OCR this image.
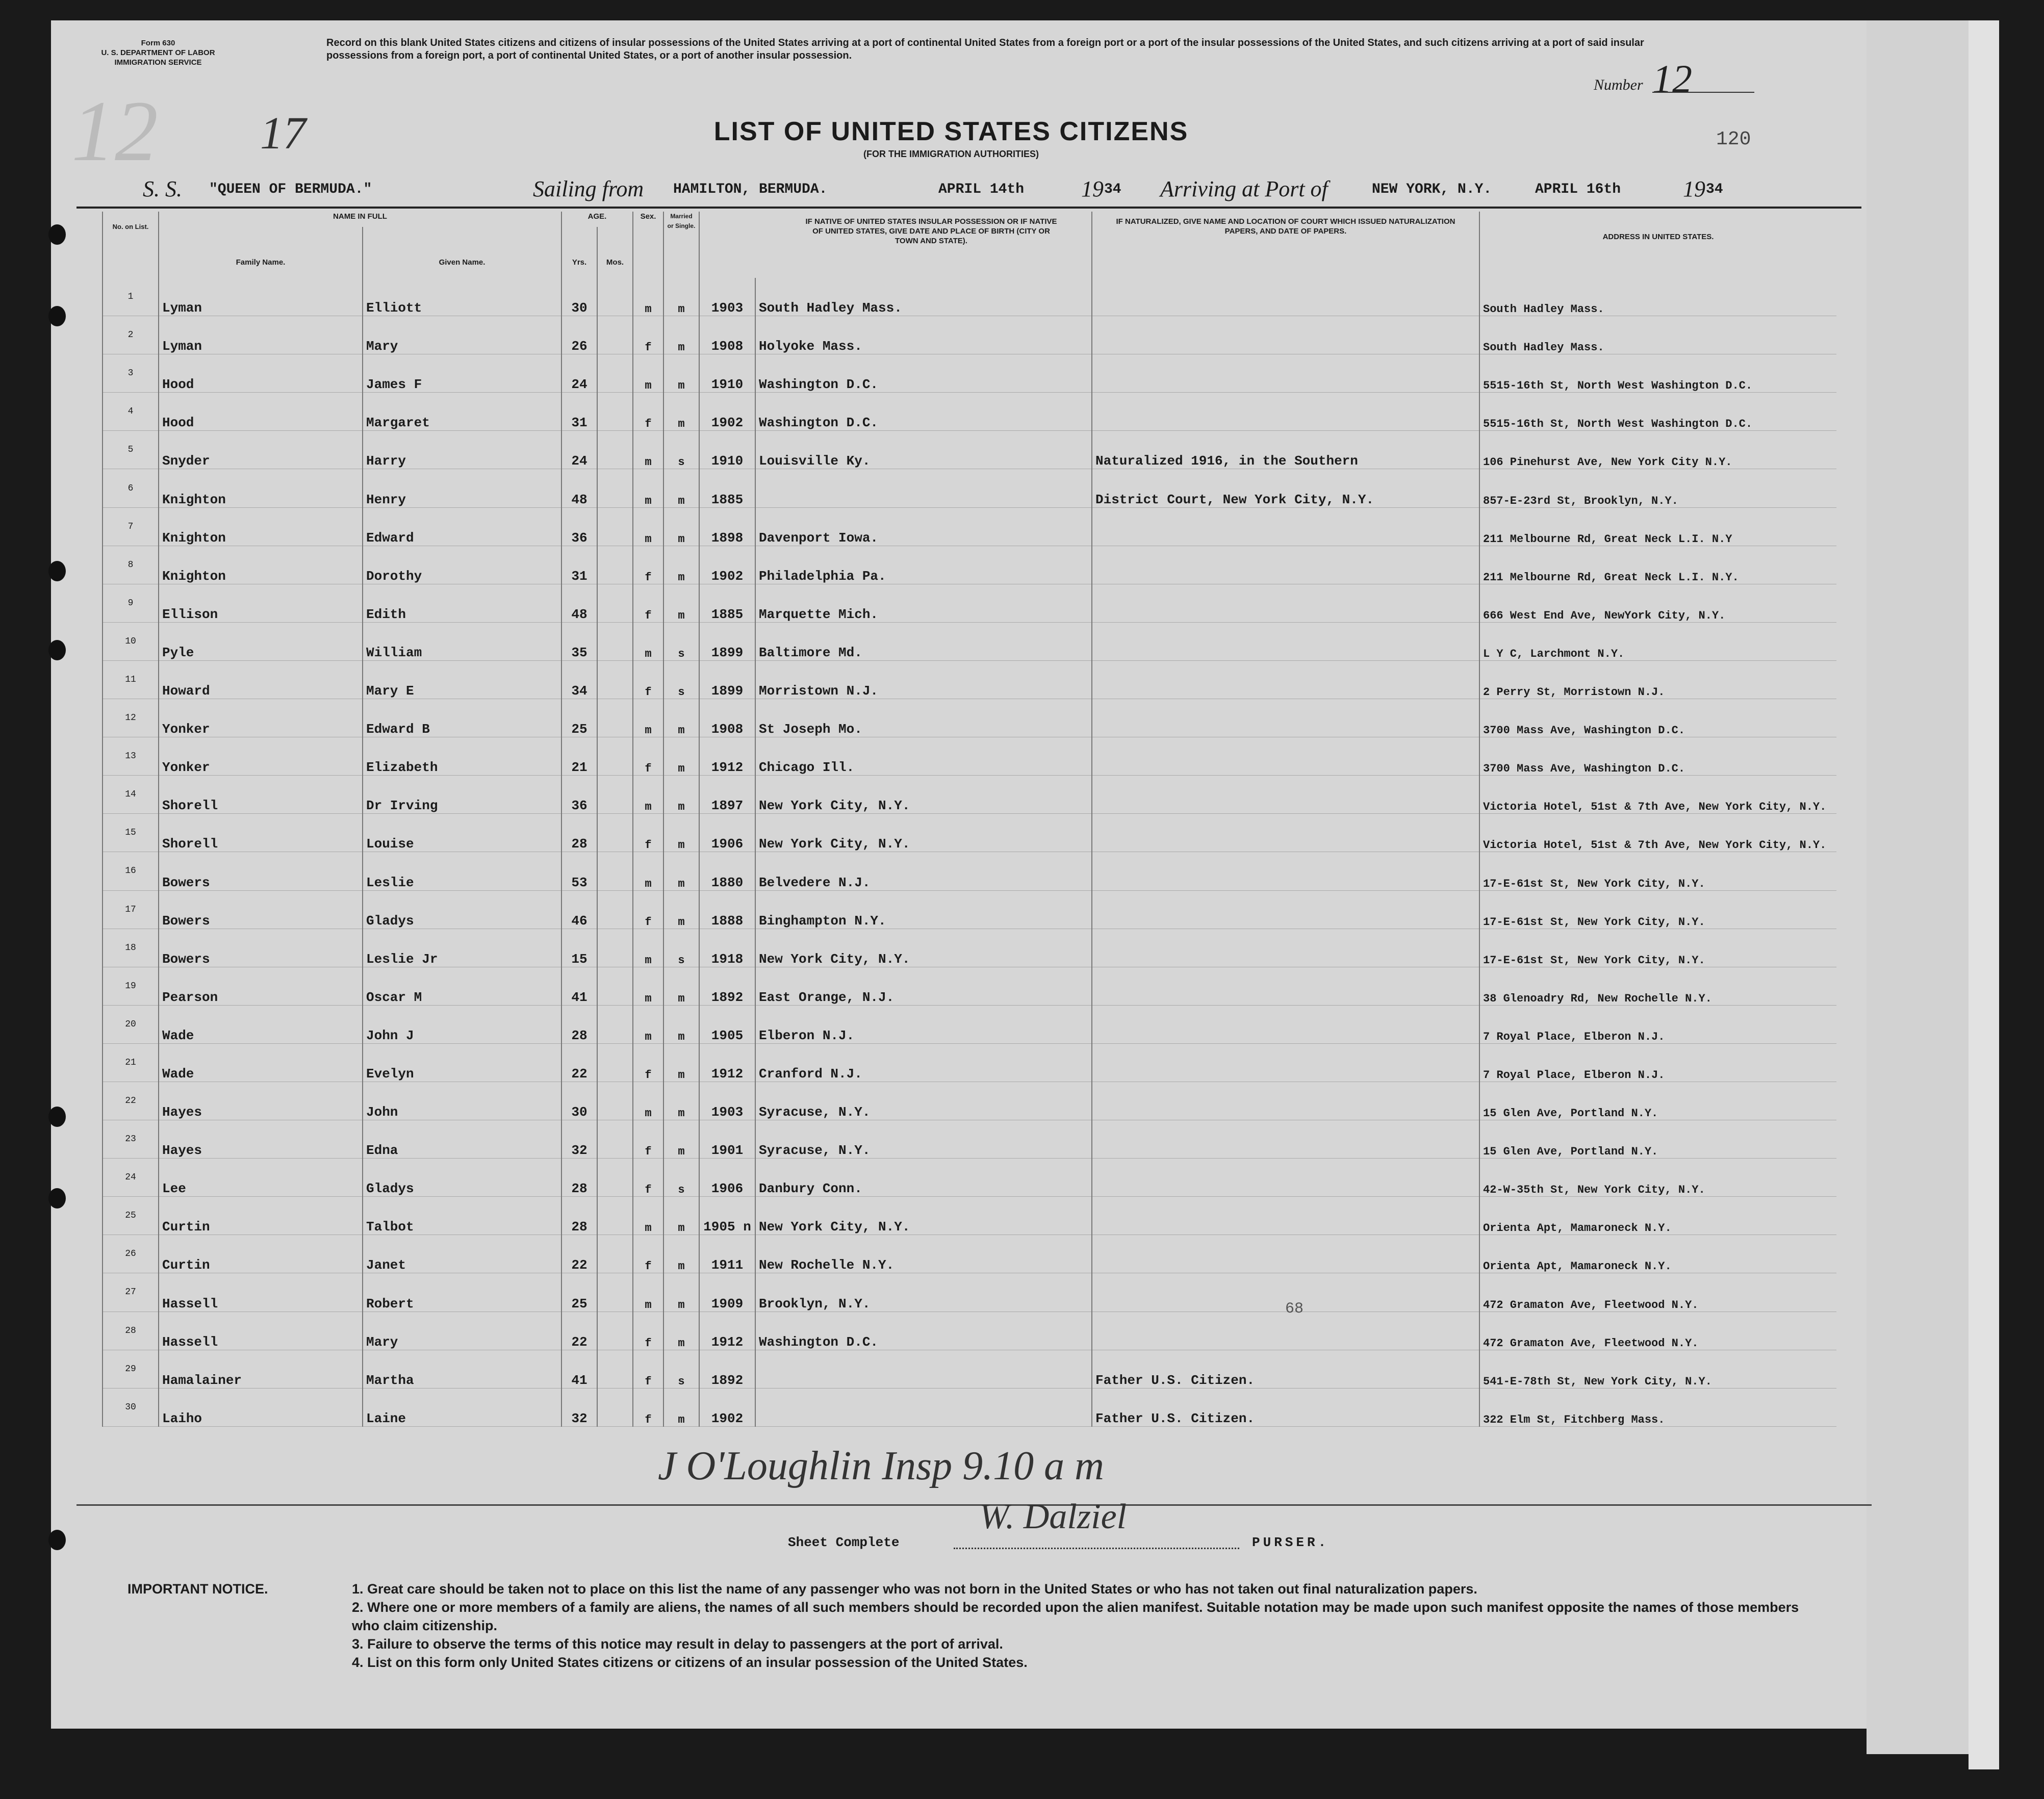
12
Form 630
U. S. DEPARTMENT OF LABOR
IMMIGRATION SERVICE
Record on this blank United States citizens and citizens of insular possessions of the United States arriving at a port of continental United States from a foreign port or a port of the insular possessions of the United States, and such citizens arriving at a port of said insular possessions from a foreign port, a port of continental United States, or a port of another insular possession.
Number 12
17	LIST OF UNITED STATES CITIZENS
(FOR THE IMMIGRATION AUTHORITIES)
120
S. S. "QUEEN OF BERMUDA."	Sailing from HAMILTON, BERMUDA.	APRIL 14th	19 34 Arriving at Port of	NEW YORK, N.Y.	APRIL 16th	19 34
No. on List.	NAME IN FULL		AGE.		Sex.	Married or Single.	IF NATIVE OF UNITED STATES INSULAR POSSESSION OR IF NATIVE OF UNITED STATES, GIVE DATE AND PLACE OF BIRTH (CITY OR TOWN AND STATE).		IF NATURALIZED, GIVE NAME AND LOCATION OF COURT WHICH ISSUED NATURALIZATION PAPERS, AND DATE OF PAPERS.	ADDRESS IN UNITED STATES.
	Family Name.	Given Name.	Yrs.	Mos.						
1	Lyman	Elliott	30		m	m	1903	South Hadley Mass.		South Hadley Mass.
2	Lyman	Mary	26		f	m	1908	Holyoke Mass.		South Hadley Mass.
3	Hood	James F	24		m	m	1910	Washington D.C.		5515-16th St, North West Washington D.C.
4	Hood	Margaret	31		f	m	1902	Washington D.C.		5515-16th St, North West Washington D.C.
5	Snyder	Harry	24		m	s	1910	Louisville Ky.	Naturalized 1916, in the Southern	106 Pinehurst Ave, New York City N.Y.
6	Knighton	Henry	48		m	m	1885		District Court, New York City, N.Y.	857-E-23rd St, Brooklyn, N.Y.
7	Knighton	Edward	36		m	m	1898	Davenport Iowa.		211 Melbourne Rd, Great Neck L.I. N.Y
8	Knighton	Dorothy	31		f	m	1902	Philadelphia Pa.		211 Melbourne Rd, Great Neck L.I. N.Y.
9	Ellison	Edith	48		f	m	1885	Marquette Mich.		666 West End Ave, NewYork City, N.Y.
10	Pyle	William	35		m	s	1899	Baltimore Md.		L Y C, Larchmont N.Y.
11	Howard	Mary E	34		f	s	1899	Morristown N.J.		2 Perry St, Morristown N.J.
12	Yonker	Edward B	25		m	m	1908	St Joseph Mo.		3700 Mass Ave, Washington D.C.
13	Yonker	Elizabeth	21		f	m	1912	Chicago Ill.		3700 Mass Ave, Washington D.C.
14	Shorell	Dr Irving	36		m	m	1897	New York City, N.Y.		Victoria Hotel, 51st & 7th Ave, New York City, N.Y.
15	Shorell	Louise	28		f	m	1906	New York City, N.Y.		Victoria Hotel, 51st & 7th Ave, New York City, N.Y.
16	Bowers	Leslie	53		m	m	1880	Belvedere N.J.		17-E-61st St, New York City, N.Y.
17	Bowers	Gladys	46		f	m	1888	Binghampton N.Y.		17-E-61st St, New York City, N.Y.
18	Bowers	Leslie Jr	15		m	s	1918	New York City, N.Y.		17-E-61st St, New York City, N.Y.
19	Pearson	Oscar M	41		m	m	1892	East Orange, N.J.		38 Glenoadry Rd, New Rochelle N.Y.
20	Wade	John J	28		m	m	1905	Elberon N.J.		7 Royal Place, Elberon N.J.
21	Wade	Evelyn	22		f	m	1912	Cranford N.J.		7 Royal Place, Elberon N.J.
22	Hayes	John	30		m	m	1903	Syracuse, N.Y.		15 Glen Ave, Portland N.Y.
23	Hayes	Edna	32		f	m	1901	Syracuse, N.Y.		15 Glen Ave, Portland N.Y.
24	Lee	Gladys	28		f	s	1906	Danbury Conn.		42-W-35th St, New York City, N.Y.
25	Curtin	Talbot	28		m	m	1905 n	New York City, N.Y.		Orienta Apt, Mamaroneck N.Y.
26	Curtin	Janet	22		f	m	1911	New Rochelle N.Y.		Orienta Apt, Mamaroneck N.Y.
27	Hassell	Robert	25		m	m	1909	Brooklyn, N.Y.		472 Gramaton Ave, Fleetwood N.Y.
28	Hassell	Mary	22		f	m	1912	Washington D.C.		472 Gramaton Ave, Fleetwood N.Y.
29	Hamalainer	Martha	41		f	s	1892		Father U.S. Citizen.	541-E-78th St, New York City, N.Y.
30	Laiho	Laine	32		f	m	1902		Father U.S. Citizen.	322 Elm St, Fitchberg Mass.
68
J O'Loughlin Insp 9.10 a m
Sheet Complete
W. Dalziel
PURSER.
IMPORTANT NOTICE.	1. Great care should be taken not to place on this list the name of any passenger who was not born in the United States or who has not taken out final naturalization papers.
2. Where one or more members of a family are aliens, the names of all such members should be recorded upon the alien manifest. Suitable notation may be made upon such manifest opposite the names of those members who claim citizenship.
3. Failure to observe the terms of this notice may result in delay to passengers at the port of arrival.
4. List on this form only United States citizens or citizens of an insular possession of the United States.
